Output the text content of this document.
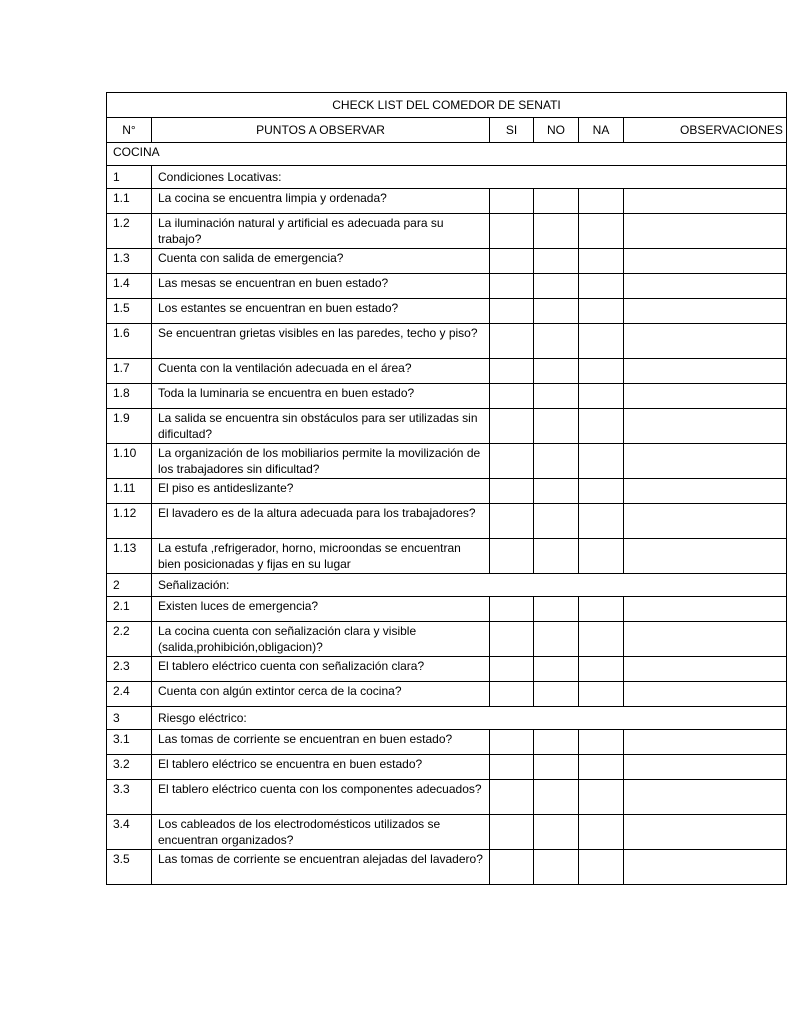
CHECK LIST DEL COMEDOR DE SENATI					
N°	PUNTOS A OBSERVAR	SI	NO	NA	OBSERVACIONES
COCINA					
1	Condiciones Locativas:				
1.1	La cocina se encuentra limpia y ordenada?				
1.2	La iluminación natural y artificial es adecuada para su trabajo?				
1.3	Cuenta con salida de emergencia?				
1.4	Las mesas se encuentran en buen estado?				
1.5	Los estantes se encuentran en buen estado?				
1.6	Se encuentran grietas visibles en las paredes, techo y piso?				
1.7	Cuenta con la ventilación adecuada en el área?				
1.8	Toda la luminaria se encuentra en buen estado?				
1.9	La salida se encuentra sin obstáculos para ser utilizadas sin dificultad?				
1.10	La organización de los mobiliarios permite la movilización de los trabajadores sin dificultad?				
1.11	El piso es antideslizante?				
1.12	El lavadero es de la altura adecuada para los trabajadores?				
1.13	La estufa ,refrigerador, horno, microondas se encuentran bien posicionadas y fijas en su lugar				
2	Señalización:				
2.1	Existen luces de emergencia?				
2.2	La cocina cuenta con señalización clara y visible (salida,prohibición,obligacion)?				
2.3	El tablero eléctrico cuenta con señalización clara?				
2.4	Cuenta con algún extintor cerca de la cocina?				
3	Riesgo eléctrico:				
3.1	Las tomas de corriente se encuentran en buen estado?				
3.2	El tablero eléctrico se encuentra en buen estado?				
3.3	El tablero eléctrico cuenta con los componentes adecuados?				
3.4	Los cableados de los electrodomésticos utilizados se encuentran organizados?				
3.5	Las tomas de corriente se encuentran alejadas del lavadero?				
